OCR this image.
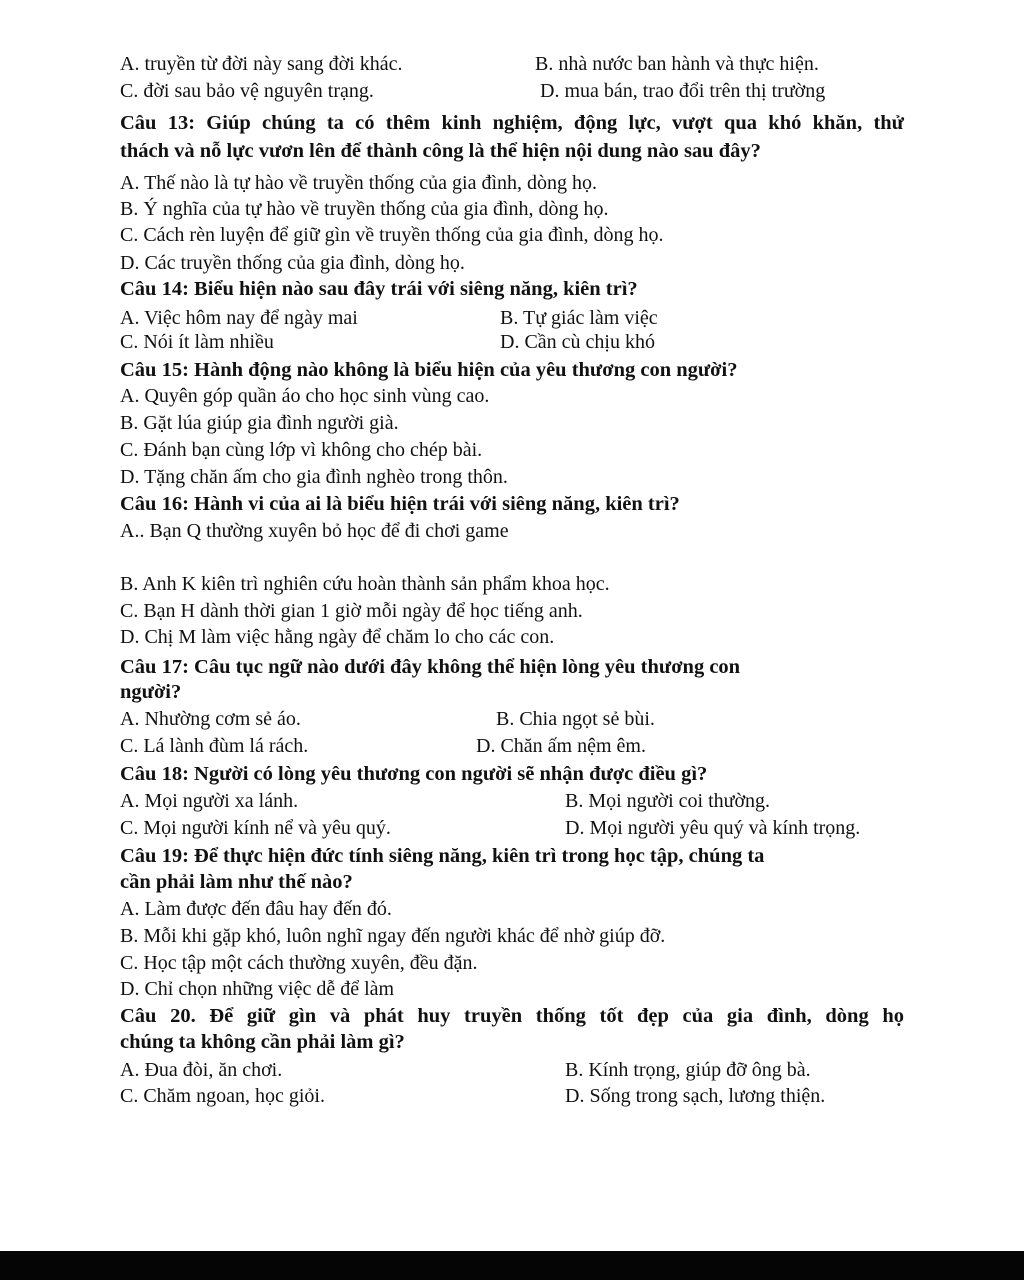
A. truyền từ đời này sang đời khác.	B. nhà nước ban hành và thực hiện.
C. đời sau bảo vệ nguyên trạng.	D. mua bán, trao đổi trên thị trường
Câu 13: Giúp chúng ta có thêm kinh nghiệm, động lực, vượt qua khó khăn, thử
thách và nỗ lực vươn lên để thành công là thể hiện nội dung nào sau đây?
A. Thế nào là tự hào về truyền thống của gia đình, dòng họ.
B. Ý nghĩa của tự hào về truyền thống của gia đình, dòng họ.
C. Cách rèn luyện để giữ gìn về truyền thống của gia đình, dòng họ.
D. Các truyền thống của gia đình, dòng họ.
Câu 14: Biểu hiện nào sau đây trái với siêng năng, kiên trì?
A. Việc hôm nay để ngày mai	B. Tự giác làm việc
C. Nói ít làm nhiều	D. Cần cù chịu khó
Câu 15: Hành động nào không là biểu hiện của yêu thương con người?
A. Quyên góp quần áo cho học sinh vùng cao.
B. Gặt lúa giúp gia đình người già.
C. Đánh bạn cùng lớp vì không cho chép bài.
D. Tặng chăn ấm cho gia đình nghèo trong thôn.
Câu 16: Hành vi của ai là biểu hiện trái với siêng năng, kiên trì?
A.. Bạn Q thường xuyên bỏ học để đi chơi game
B. Anh K kiên trì nghiên cứu hoàn thành sản phẩm khoa học.
C. Bạn H dành thời gian 1 giờ mỗi ngày để học tiếng anh.
D. Chị M làm việc hằng ngày để chăm lo cho các con.
Câu 17: Câu tục ngữ nào dưới đây không thể hiện lòng yêu thương con
người?
A. Nhường cơm sẻ áo.	B. Chia ngọt sẻ bùi.
C. Lá lành đùm lá rách.	D. Chăn ấm nệm êm.
Câu 18: Người có lòng yêu thương con người sẽ nhận được điều gì?
A. Mọi người xa lánh.	B. Mọi người coi thường.
C. Mọi người kính nể và yêu quý.	D. Mọi người yêu quý và kính trọng.
Câu 19: Để thực hiện đức tính siêng năng, kiên trì trong học tập, chúng ta
cần phải làm như thế nào?
A. Làm được đến đâu hay đến đó.
B. Mỗi khi gặp khó, luôn nghĩ ngay đến người khác để nhờ giúp đỡ.
C. Học tập một cách thường xuyên, đều đặn.
D. Chỉ chọn những việc dễ để làm
Câu 20. Để giữ gìn và phát huy truyền thống tốt đẹp của gia đình, dòng họ
chúng ta không cần phải làm gì?
A. Đua đòi, ăn chơi.	B. Kính trọng, giúp đỡ ông bà.
C. Chăm ngoan, học giỏi.	D. Sống trong sạch, lương thiện.
